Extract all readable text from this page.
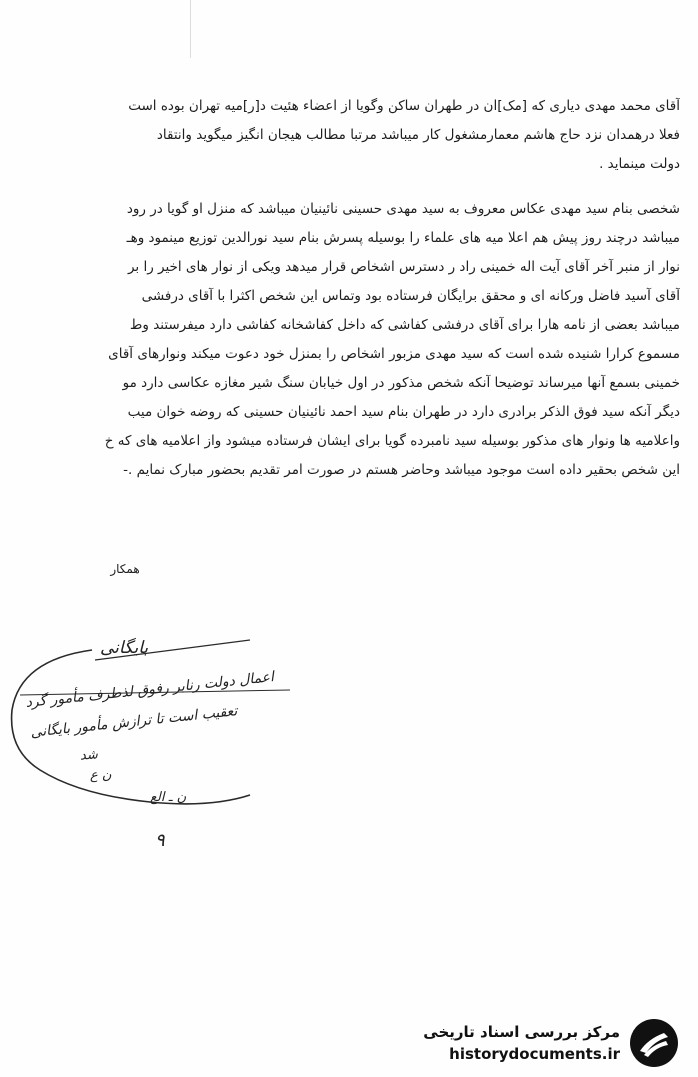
آقای محمد مهدی دیاری که [مک]ان در طهران ساکن وگویا از اعضاء هئیت د[ر]میه تهران بوده است
فعلا درهمدان نزد حاج هاشم معمارمشغول کار میباشد مرتبا مطالب هیجان انگیز میگوید وانتقاد
دولت مینماید .
شخصی بنام سید مهدی عکاس معروف به سید مهدی حسینی نائینیان میباشد که منزل او گویا در رود
میباشد درچند روز پیش هم اعلا میه های علماء را بوسیله پسرش بنام سید نورالدین توزیع مینمود وهـ
نوار از منبر آخر آقای آیت اله خمینی راد ر دسترس اشخاص قرار میدهد ویکی از نوار های اخیر را بر
آقای آسید فاضل ورکانه ای و محقق برایگان فرستاده بود وتماس این شخص اکثرا با آقای درفشی
میباشد بعضی از نامه هارا برای آقای درفشی کفاشی که داخل کفاشخانه کفاشی دارد میفرستند وط
مسموع کرارا شنیده شده است که سید مهدی مزبور اشخاص را بمنزل خود دعوت میکند ونوارهای آقای
خمینی بسمع آنها میرساند توضیحا آنکه شخص مذکور در اول خیابان سنگ شیر مغازه عکاسی دارد مو
دیگر آنکه سید فوق الذکر برادری دارد در طهران بنام سید احمد نائینیان حسینی که روضه خوان میب
واعلامیه ها ونوار های مذکور بوسیله سید نامبرده گویا برای ایشان فرستاده میشود واز اعلامیه های که خ
این شخص بحقیر داده است موجود میباشد وحاضر هستم در صورت امر تقدیم بحضور مبارک نمایم .-
همکار
بایگانی
اعمال دولت رنابر رفوق لذطرف مأمور گرد
تعقیب است تا ترازش مأمور بایگانی
شد
ن ع
ن ـ الع
٩
مرکز بررسی اسناد تاریخی
historydocuments.ir
